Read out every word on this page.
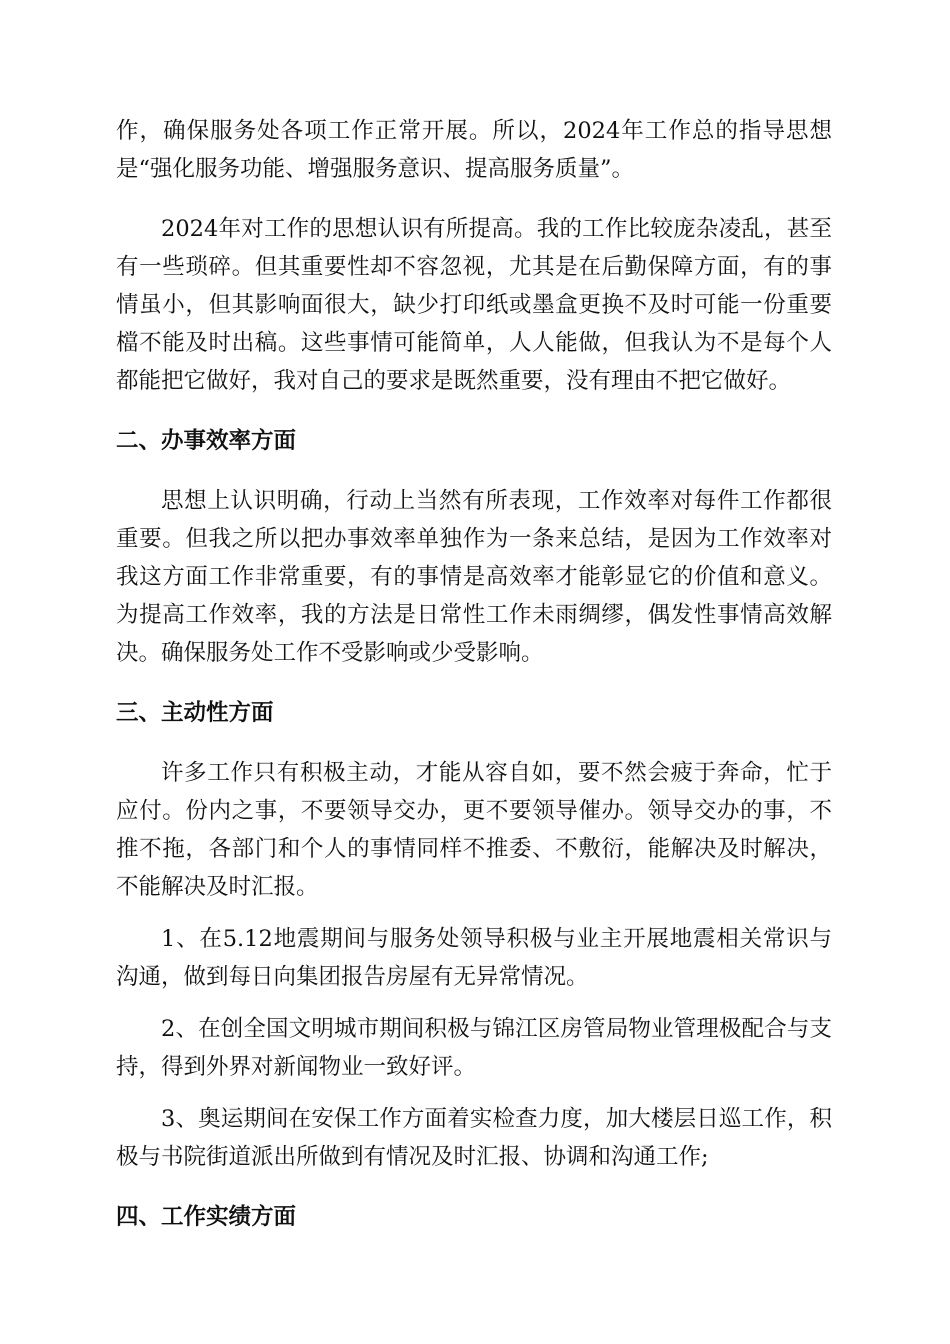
作，确保服务处各项工作正常开展。所以，2024年工作总的指导思想是“强化服务功能、增强服务意识、提高服务质量”。

2024年对工作的思想认识有所提高。我的工作比较庞杂凌乱，甚至有一些琐碎。但其重要性却不容忽视，尤其是在后勤保障方面，有的事情虽小，但其影响面很大，缺少打印纸或墨盒更换不及时可能一份重要檔不能及时出稿。这些事情可能简单，人人能做，但我认为不是每个人都能把它做好，我对自己的要求是既然重要，没有理由不把它做好。

二、办事效率方面

思想上认识明确，行动上当然有所表现，工作效率对每件工作都很重要。但我之所以把办事效率单独作为一条来总结，是因为工作效率对我这方面工作非常重要，有的事情是高效率才能彰显它的价值和意义。为提高工作效率，我的方法是日常性工作未雨绸缪，偶发性事情高效解决。确保服务处工作不受影响或少受影响。

三、主动性方面

许多工作只有积极主动，才能从容自如，要不然会疲于奔命，忙于应付。份内之事，不要领导交办，更不要领导催办。领导交办的事，不推不拖，各部门和个人的事情同样不推委、不敷衍，能解决及时解决，不能解决及时汇报。

1、在5.12地震期间与服务处领导积极与业主开展地震相关常识与沟通，做到每日向集团报告房屋有无异常情况。

2、在创全国文明城市期间积极与锦江区房管局物业管理极配合与支持，得到外界对新闻物业一致好评。

3、奥运期间在安保工作方面着实检查力度，加大楼层日巡工作，积极与书院街道派出所做到有情况及时汇报、协调和沟通工作;

四、工作实绩方面
